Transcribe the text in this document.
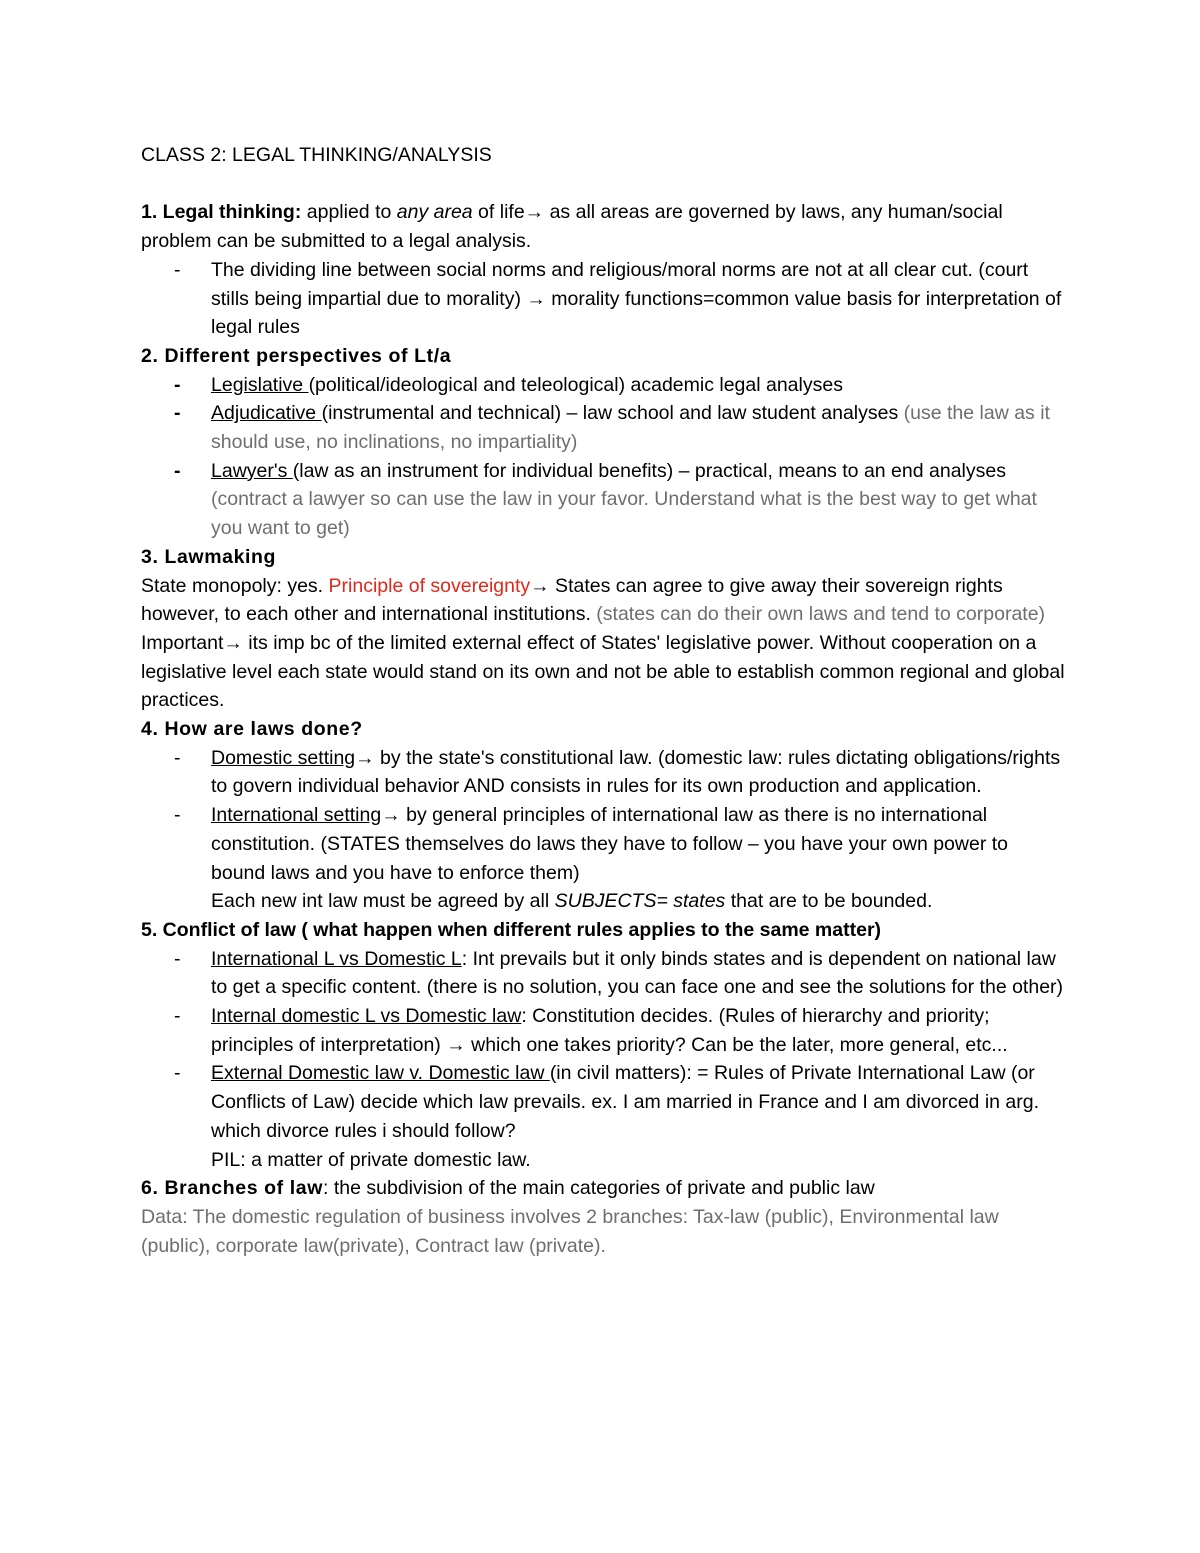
CLASS 2: LEGAL THINKING/ANALYSIS

1. Legal thinking: applied to any area of life→ as all areas are governed by laws, any human/social problem can be submitted to a legal analysis.

- The dividing line between social norms and religious/moral norms are not at all clear cut. (court stills being impartial due to morality) → morality functions=common value basis for interpretation of legal rules

2. Different perspectives of Lt/a

- Legislative (political/ideological and teleological) academic legal analyses
- Adjudicative (instrumental and technical) – law school and law student analyses (use the law as it should use, no inclinations, no impartiality)
- Lawyer's (law as an instrument for individual benefits) – practical, means to an end analyses (contract a lawyer so can use the law in your favor. Understand what is the best way to get what you want to get)

3. Lawmaking

State monopoly: yes. Principle of sovereignty→ States can agree to give away their sovereign rights however, to each other and international institutions. (states can do their own laws and tend to corporate)

Important→ its imp bc of the limited external effect of States' legislative power. Without cooperation on a legislative level each state would stand on its own and not be able to establish common regional and global practices.

4. How are laws done?

- Domestic setting→ by the state's constitutional law. (domestic law: rules dictating obligations/rights to govern individual behavior AND consists in rules for its own production and application.
- International setting→ by general principles of international law as there is no international constitution. (STATES themselves do laws they have to follow – you have your own power to bound laws and you have to enforce them)
Each new int law must be agreed by all SUBJECTS= states that are to be bounded.

5. Conflict of law ( what happen when different rules applies to the same matter)

- International L vs Domestic L: Int prevails but it only binds states and is dependent on national law to get a specific content. (there is no solution, you can face one and see the solutions for the other)
- Internal domestic L vs Domestic law: Constitution decides. (Rules of hierarchy and priority; principles of interpretation) → which one takes priority? Can be the later, more general, etc...
- External Domestic law v. Domestic law (in civil matters): = Rules of Private International Law (or Conflicts of Law) decide which law prevails. ex. I am married in France and I am divorced in arg. which divorce rules i should follow?
PIL: a matter of private domestic law.

6. Branches of law: the subdivision of the main categories of private and public law

Data: The domestic regulation of business involves 2 branches: Tax-law (public), Environmental law (public), corporate law(private), Contract law (private).
